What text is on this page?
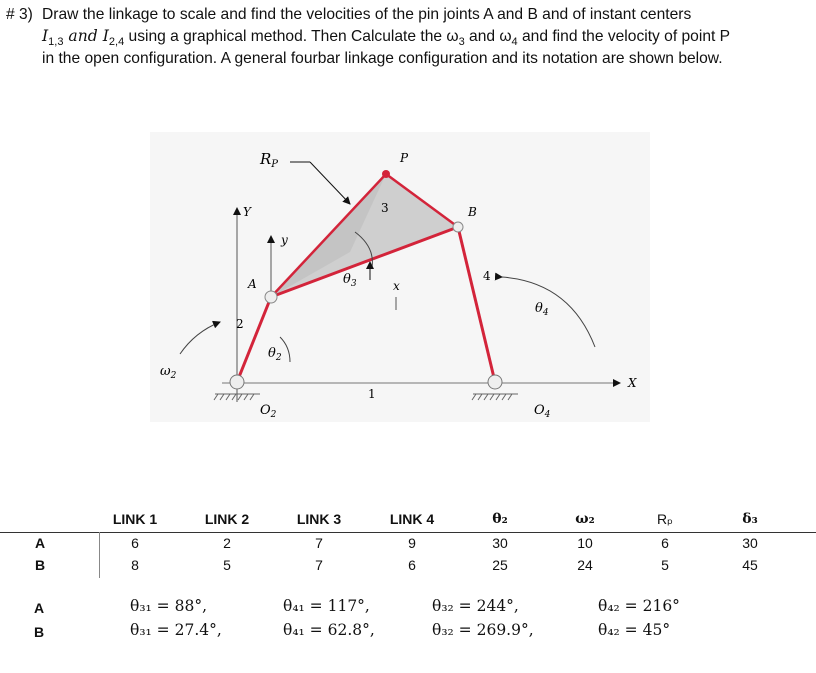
# 3) Draw the linkage to scale and find the velocities of the pin joints A and B and of instant centers
$I_{1,3}$ and $I_{2,4}$ using a graphical method. Then Calculate the $\omega_3$ and $\omega_4$ and find the velocity of point P
in the open configuration. A general fourbar linkage configuration and its notation are shown below.
$R_P$	P
Y
y
3	B
A	$\theta_3$	x
4
$\theta_4$
2
$\theta_2$
$\omega_2$
1
X
$O_2$	$O_4$
LINK 1	LINK 2	LINK 3	LINK 4	θ₂	ω₂	Rₚ	δ₃
A	6	2	7	9	30	10	6	30
B	8	5	7	6	25	24	5	45
A	θ₃₁ = 88°,	θ₄₁ = 117°,	θ₃₂ = 244°,	θ₄₂ = 216°
B	θ₃₁ = 27.4°,	θ₄₁ = 62.8°,	θ₃₂ = 269.9°,	θ₄₂ = 45°
